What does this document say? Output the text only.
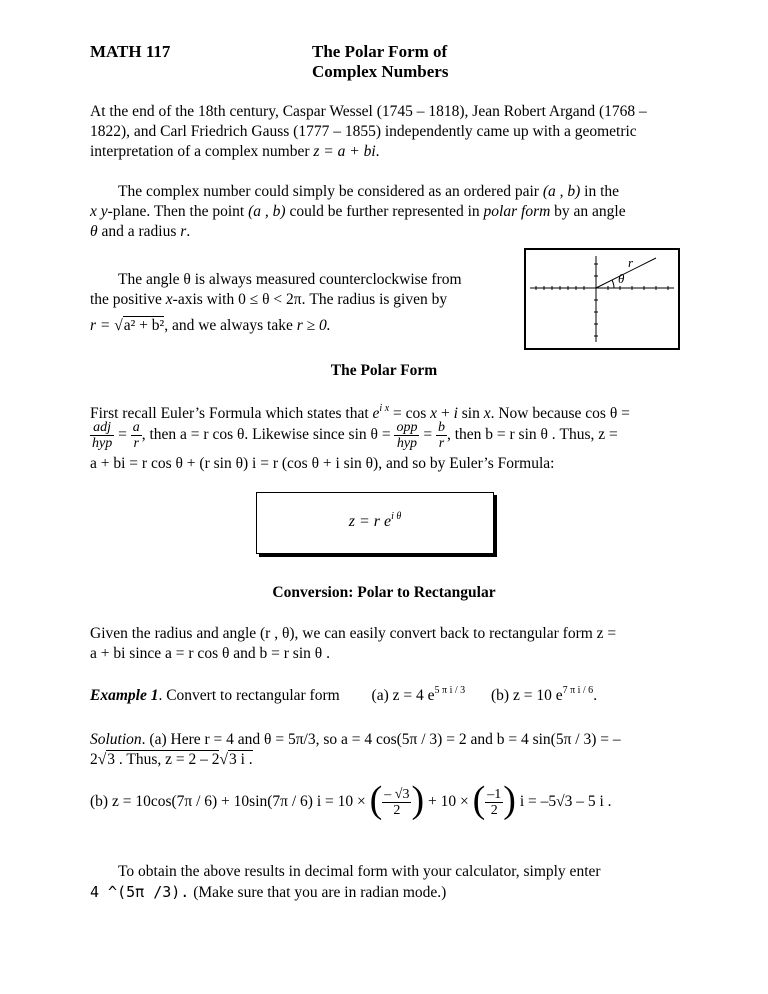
MATH 117	The Polar Form of
Complex Numbers
At the end of the 18th century, Caspar Wessel (1745 – 1818), Jean Robert Argand (1768 –
1822), and Carl Friedrich Gauss (1777 – 1855) independently came up with a geometric
interpretation of a complex number z = a + bi.
The complex number could simply be considered as an ordered pair (a , b) in the
x y-plane. Then the point (a , b) could be further represented in polar form by an angle
θ and a radius r.
The angle θ is always measured counterclockwise from
the positive x-axis with 0 ≤ θ < 2π. The radius is given by
r = √a² + b², and we always take r ≥ 0.
r
θ
The Polar Form
First recall Euler’s Formula which states that $e^{i x} = \cos x + i$ sin x. Now because cos θ =
$\frac{\text{adj}}{\text{hyp}} = \frac{a}{r}$ , then a = r cos θ. Likewise since $\sin \theta = \frac{\text{opp}}{\text{hyp}} = \frac{b}{r}$ , then b = r sin θ . Thus, z =
a + bi = r cos θ + (r sin θ) i = r (cos θ + i sin θ), and so by Euler’s Formula:
z = r $e^{i \theta}$
Conversion: Polar to Rectangular
Given the radius and angle (r , θ), we can easily convert back to rectangular form z =
a + bi since a = r cos θ and b = r sin θ .
Example 1. Convert to rectangular form (a) z = 4 $e^{5 \pi i / 3}$ (b) z = 10 $e^{7 \pi i / 6}$.
Solution. (a) Here r = 4 and θ = 5π/3, so a = 4 cos(5π / 3) = 2 and b = 4 sin(5π / 3) = –
2√3 . Thus, z = 2 – 2√3 i .
(b) z = 10cos(7π / 6) + 10sin(7π / 6) i = 10 × ( $\frac{- √3}{2}$ ) + 10 × ( $\frac{-1}{2}$ ) i = –5√3 – 5 i .
To obtain the above results in decimal form with your calculator, simply enter
4 ^(5π /3). (Make sure that you are in radian mode.)
